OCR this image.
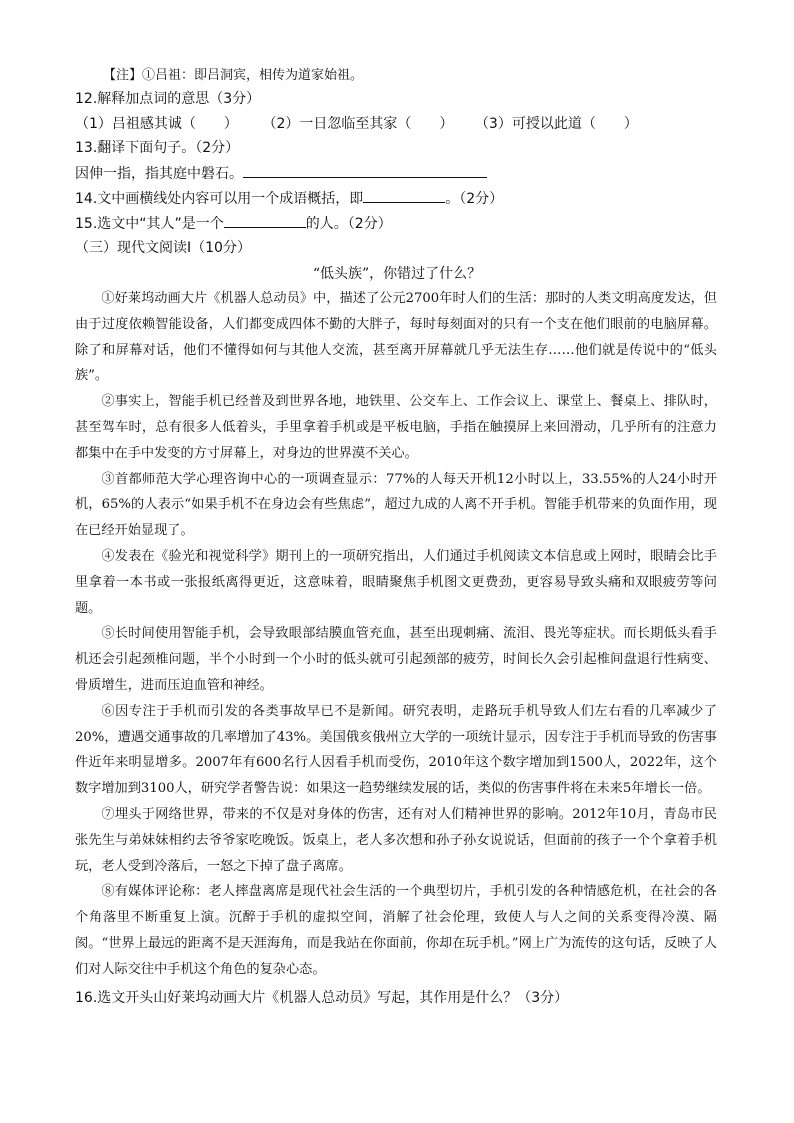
【注】①吕祖：即吕洞宾，相传为道家始祖。
12.解释加点词的意思（3分）
（1）吕祖感其诚（　　） （2）一日忽临至其家（　　） （3）可授以此道（　　）
13.翻译下面句子。（2分）
因伸一指，指其庭中磐石。
14.文中画横线处内容可以用一个成语概括，即	。（2分）
15.选文中“其人”是一个	的人。（2分）
（三）现代文阅读Ⅰ（10分）
“低头族”，你错过了什么？

①好莱坞动画大片《机器人总动员》中，描述了公元2700年时人们的生活：那时的人类文明高度发达，但由于过度依赖智能设备，人们都变成四体不勤的大胖子，每时每刻面对的只有一个支在他们眼前的电脑屏幕。除了和屏幕对话，他们不懂得如何与其他人交流，甚至离开屏幕就几乎无法生存……他们就是传说中的“低头族”。

②事实上，智能手机已经普及到世界各地，地铁里、公交车上、工作会议上、课堂上、餐桌上、排队时，甚至驾车时，总有很多人低着头，手里拿着手机或是平板电脑，手指在触摸屏上来回滑动，几乎所有的注意力都集中在手中发变的方寸屏幕上，对身边的世界漠不关心。

③首都师范大学心理咨询中心的一项调查显示：77%的人每天开机12小时以上，33.55%的人24小时开机，65%的人表示“如果手机不在身边会有些焦虑”，超过九成的人离不开手机。智能手机带来的负面作用，现在已经开始显现了。

④发表在《验光和视觉科学》期刊上的一项研究指出，人们通过手机阅读文本信息或上网时，眼睛会比手里拿着一本书或一张报纸离得更近，这意味着，眼睛聚焦手机图文更费劲，更容易导致头痛和双眼疲劳等问题。

⑤长时间使用智能手机，会导致眼部结膜血管充血，甚至出现刺痛、流泪、畏光等症状。而长期低头看手机还会引起颈椎问题，半个小时到一个小时的低头就可引起颈部的疲劳，时间长久会引起椎间盘退行性病变、骨质增生，进而压迫血管和神经。

⑥因专注于手机而引发的各类事故早已不是新闻。研究表明，走路玩手机导致人们左右看的几率减少了20%，遭遇交通事故的几率增加了43%。美国俄亥俄州立大学的一项统计显示，因专注于手机而导致的伤害事件近年来明显增多。2007年有600名行人因看手机而受伤，2010年这个数字增加到1500人，2022年，这个数字增加到3100人，研究学者警告说：如果这一趋势继续发展的话，类似的伤害事件将在未来5年增长一倍。

⑦埋头于网络世界，带来的不仅是对身体的伤害，还有对人们精神世界的影响。2012年10月，青岛市民张先生与弟妹妹相约去爷爷家吃晚饭。饭桌上，老人多次想和孙子孙女说说话，但面前的孩子一个个拿着手机玩，老人受到冷落后，一怒之下掉了盘子离席。

⑧有媒体评论称：老人摔盘离席是现代社会生活的一个典型切片，手机引发的各种情感危机，在社会的各个角落里不断重复上演。沉醉于手机的虚拟空间，消解了社会伦理，致使人与人之间的关系变得冷漠、隔阂。“世界上最远的距离不是天涯海角，而是我站在你面前，你却在玩手机。”网上广为流传的这句话，反映了人们对人际交往中手机这个角色的复杂心态。

16.选文开头山好莱坞动画大片《机器人总动员》写起，其作用是什么？（3分）
